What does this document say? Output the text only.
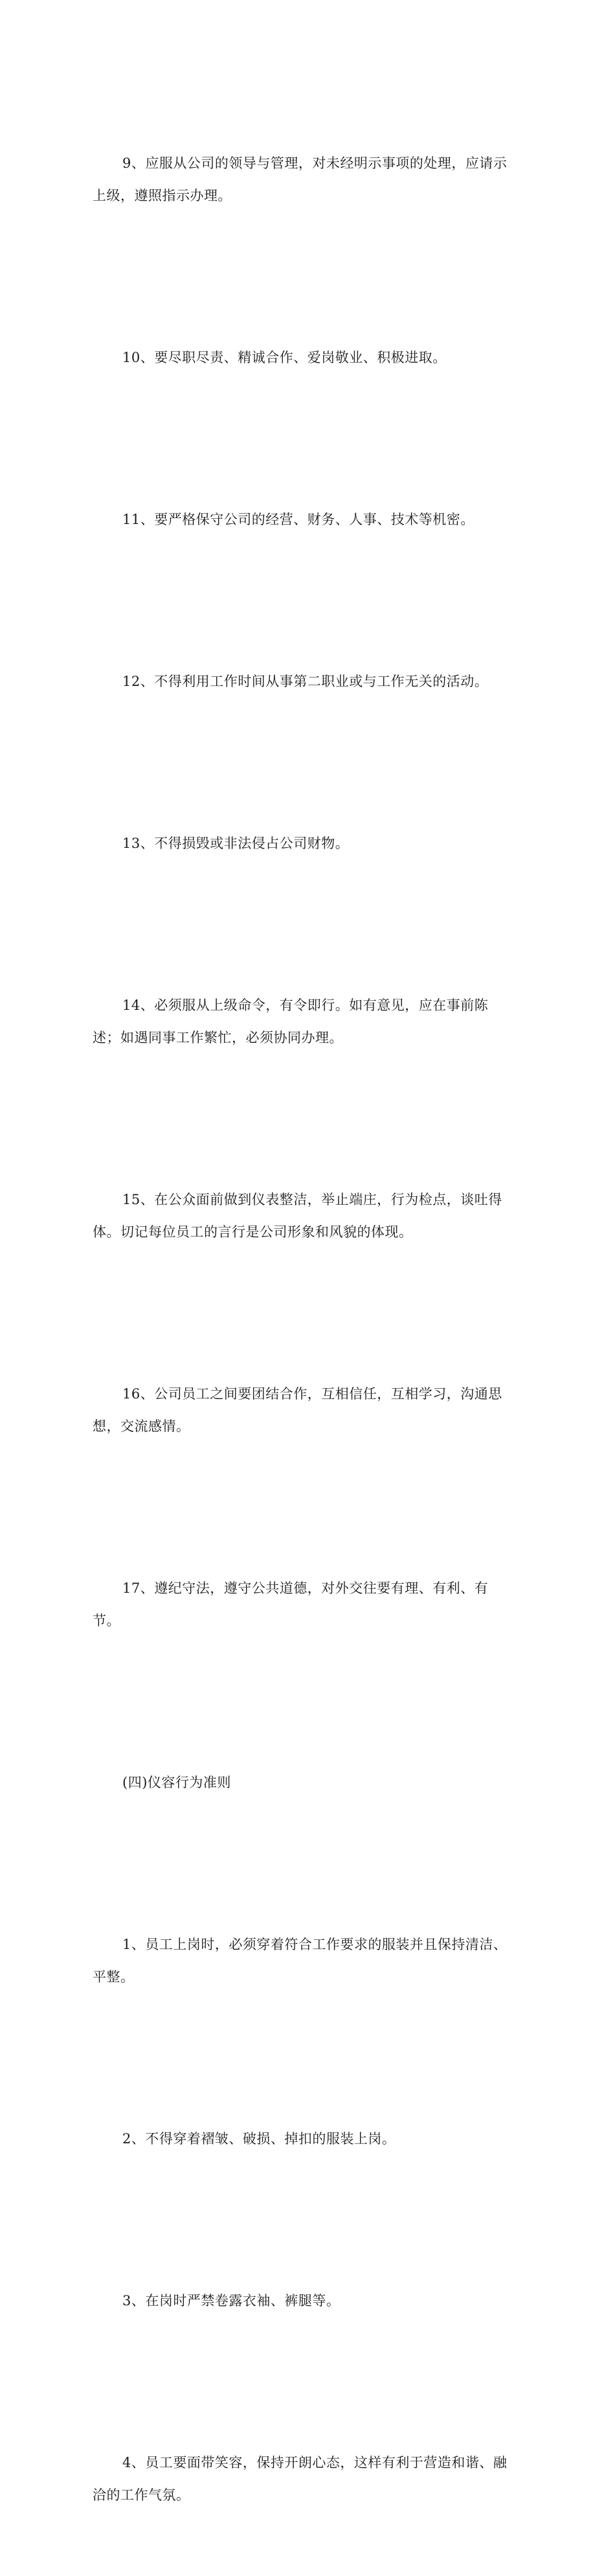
9、应服从公司的领导与管理，对未经明示事项的处理，应请示
上级，遵照指示办理。

10、要尽职尽责、精诚合作、爱岗敬业、积极进取。

11、要严格保守公司的经营、财务、人事、技术等机密。

12、不得利用工作时间从事第二职业或与工作无关的活动。

13、不得损毁或非法侵占公司财物。

14、必须服从上级命令，有令即行。如有意见，应在事前陈
述；如遇同事工作繁忙，必须协同办理。

15、在公众面前做到仪表整洁，举止端庄，行为检点，谈吐得
体。切记每位员工的言行是公司形象和风貌的体现。

16、公司员工之间要团结合作，互相信任，互相学习，沟通思
想，交流感情。

17、遵纪守法，遵守公共道德，对外交往要有理、有利、有
节。

(四)仪容行为准则

1、员工上岗时，必须穿着符合工作要求的服装并且保持清洁、
平整。

2、不得穿着褶皱、破损、掉扣的服装上岗。

3、在岗时严禁卷露衣袖、裤腿等。

4、员工要面带笑容，保持开朗心态，这样有利于营造和谐、融
洽的工作气氛。
